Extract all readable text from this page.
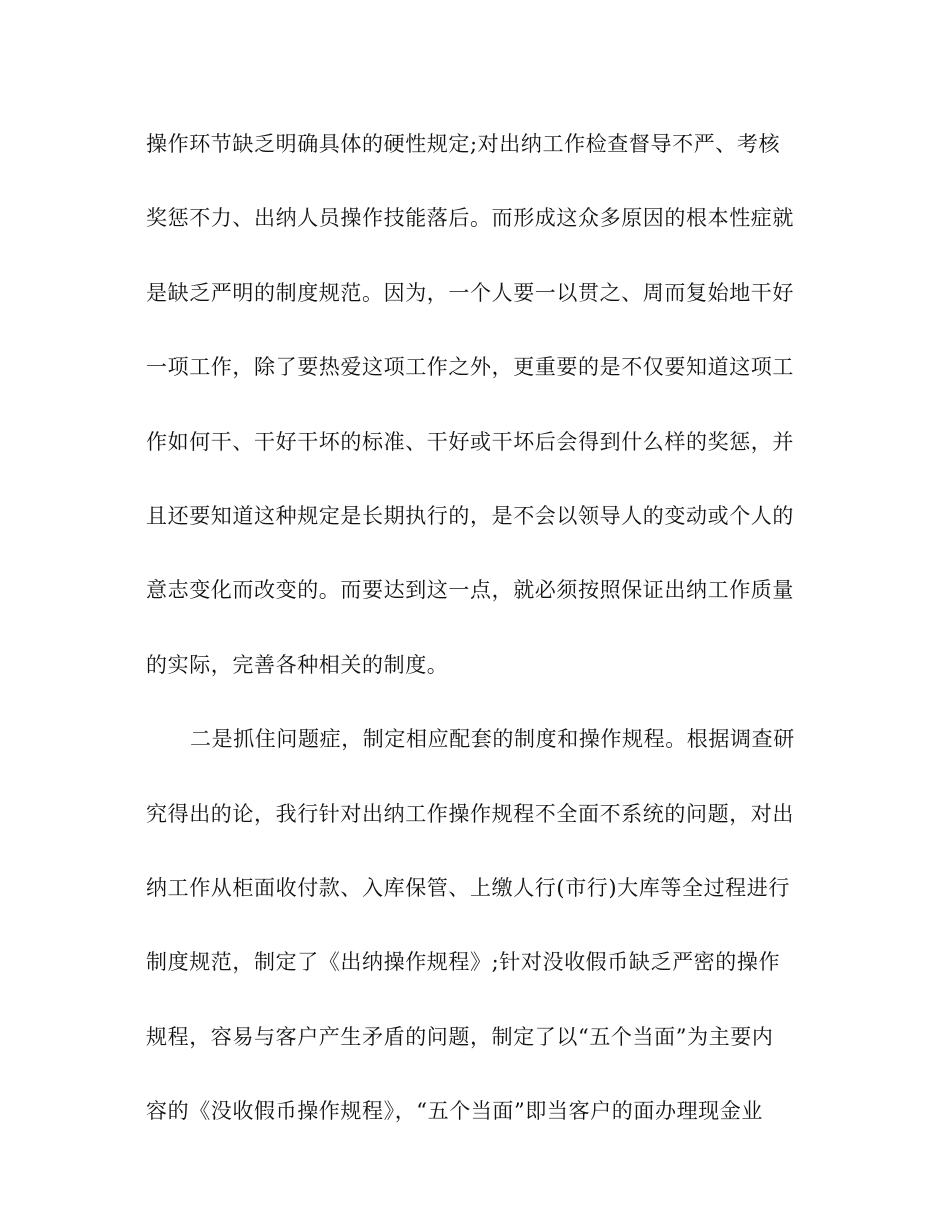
操作环节缺乏明确具体的硬性规定;对出纳工作检查督导不严、考核
奖惩不力、出纳人员操作技能落后。而形成这众多原因的根本性症就
是缺乏严明的制度规范。因为，一个人要一以贯之、周而复始地干好
一项工作，除了要热爱这项工作之外，更重要的是不仅要知道这项工
作如何干、干好干坏的标准、干好或干坏后会得到什么样的奖惩，并
且还要知道这种规定是长期执行的，是不会以领导人的变动或个人的
意志变化而改变的。而要达到这一点，就必须按照保证出纳工作质量
的实际，完善各种相关的制度。
二是抓住问题症，制定相应配套的制度和操作规程。根据调查研
究得出的论，我行针对出纳工作操作规程不全面不系统的问题，对出
纳工作从柜面收付款、入库保管、上缴人行(市行)大库等全过程进行
制度规范，制定了《出纳操作规程》;针对没收假币缺乏严密的操作
规程，容易与客户产生矛盾的问题，制定了以“五个当面”为主要内
容的《没收假币操作规程》，“五个当面”即当客户的面办理现金业
